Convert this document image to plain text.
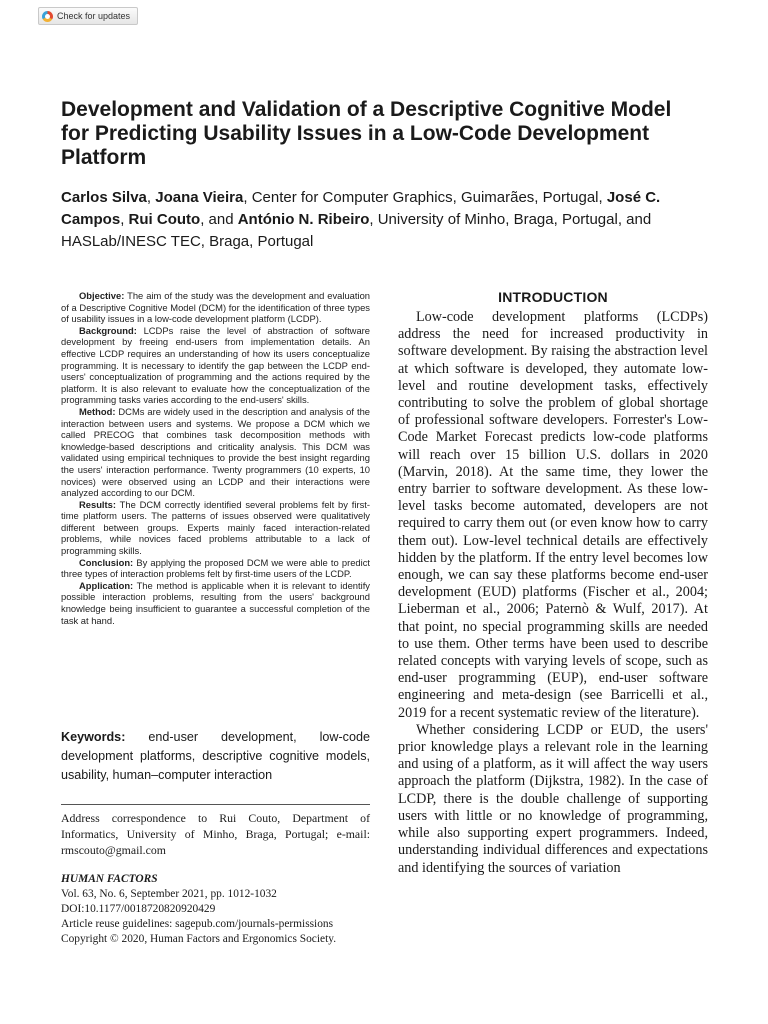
Check for updates
Development and Validation of a Descriptive Cognitive Model for Predicting Usability Issues in a Low-Code Development Platform

Carlos Silva, Joana Vieira, Center for Computer Graphics, Guimarães, Portugal, José C. Campos, Rui Couto, and António N. Ribeiro, University of Minho, Braga, Portugal, and HASLab/INESC TEC, Braga, Portugal

Objective: The aim of the study was the development and evaluation of a Descriptive Cognitive Model (DCM) for the identification of three types of usability issues in a low-code development platform (LCDP).

Background: LCDPs raise the level of abstraction of software development by freeing end-users from implementation details. An effective LCDP requires an understanding of how its users conceptualize programming. It is necessary to identify the gap between the LCDP end-users' conceptualization of programming and the actions required by the platform. It is also relevant to evaluate how the conceptualization of the programming tasks varies according to the end-users' skills.

Method: DCMs are widely used in the description and analysis of the interaction between users and systems. We propose a DCM which we called PRECOG that combines task decomposition methods with knowledge-based descriptions and criticality analysis. This DCM was validated using empirical techniques to provide the best insight regarding the users' interaction performance. Twenty programmers (10 experts, 10 novices) were observed using an LCDP and their interactions were analyzed according to our DCM.

Results: The DCM correctly identified several problems felt by first-time platform users. The patterns of issues observed were qualitatively different between groups. Experts mainly faced interaction-related problems, while novices faced problems attributable to a lack of programming skills.

Conclusion: By applying the proposed DCM we were able to predict three types of interaction problems felt by first-time users of the LCDP.

Application: The method is applicable when it is relevant to identify possible interaction problems, resulting from the users' background knowledge being insufficient to guarantee a successful completion of the task at hand.

Keywords: end-user development, low-code development platforms, descriptive cognitive models, usability, human–computer interaction

Address correspondence to Rui Couto, Department of Informatics, University of Minho, Braga, Portugal; e-mail: rmscouto@gmail.com

HUMAN FACTORS
Vol. 63, No. 6, September 2021, pp. 1012-1032
DOI:10.1177/0018720820920429
Article reuse guidelines: sagepub.com/journals-permissions
Copyright © 2020, Human Factors and Ergonomics Society.
INTRODUCTION

Low-code development platforms (LCDPs) address the need for increased productivity in software development. By raising the abstraction level at which software is developed, they automate low-level and routine development tasks, effectively contributing to solve the problem of global shortage of professional software developers. Forrester's Low-Code Market Forecast predicts low-code platforms will reach over 15 billion U.S. dollars in 2020 (Marvin, 2018). At the same time, they lower the entry barrier to software development. As these low-level tasks become automated, developers are not required to carry them out (or even know how to carry them out). Low-level technical details are effectively hidden by the platform. If the entry level becomes low enough, we can say these platforms become end-user development (EUD) platforms (Fischer et al., 2004; Lieberman et al., 2006; Paternò & Wulf, 2017). At that point, no special programming skills are needed to use them. Other terms have been used to describe related concepts with varying levels of scope, such as end-user programming (EUP), end-user software engineering and meta-design (see Barricelli et al., 2019 for a recent systematic review of the literature).

Whether considering LCDP or EUD, the users' prior knowledge plays a relevant role in the learning and using of a platform, as it will affect the way users approach the platform (Dijkstra, 1982). In the case of LCDP, there is the double challenge of supporting users with little or no knowledge of programming, while also supporting expert programmers. Indeed, understanding individual differences and expectations and identifying the sources of variation
